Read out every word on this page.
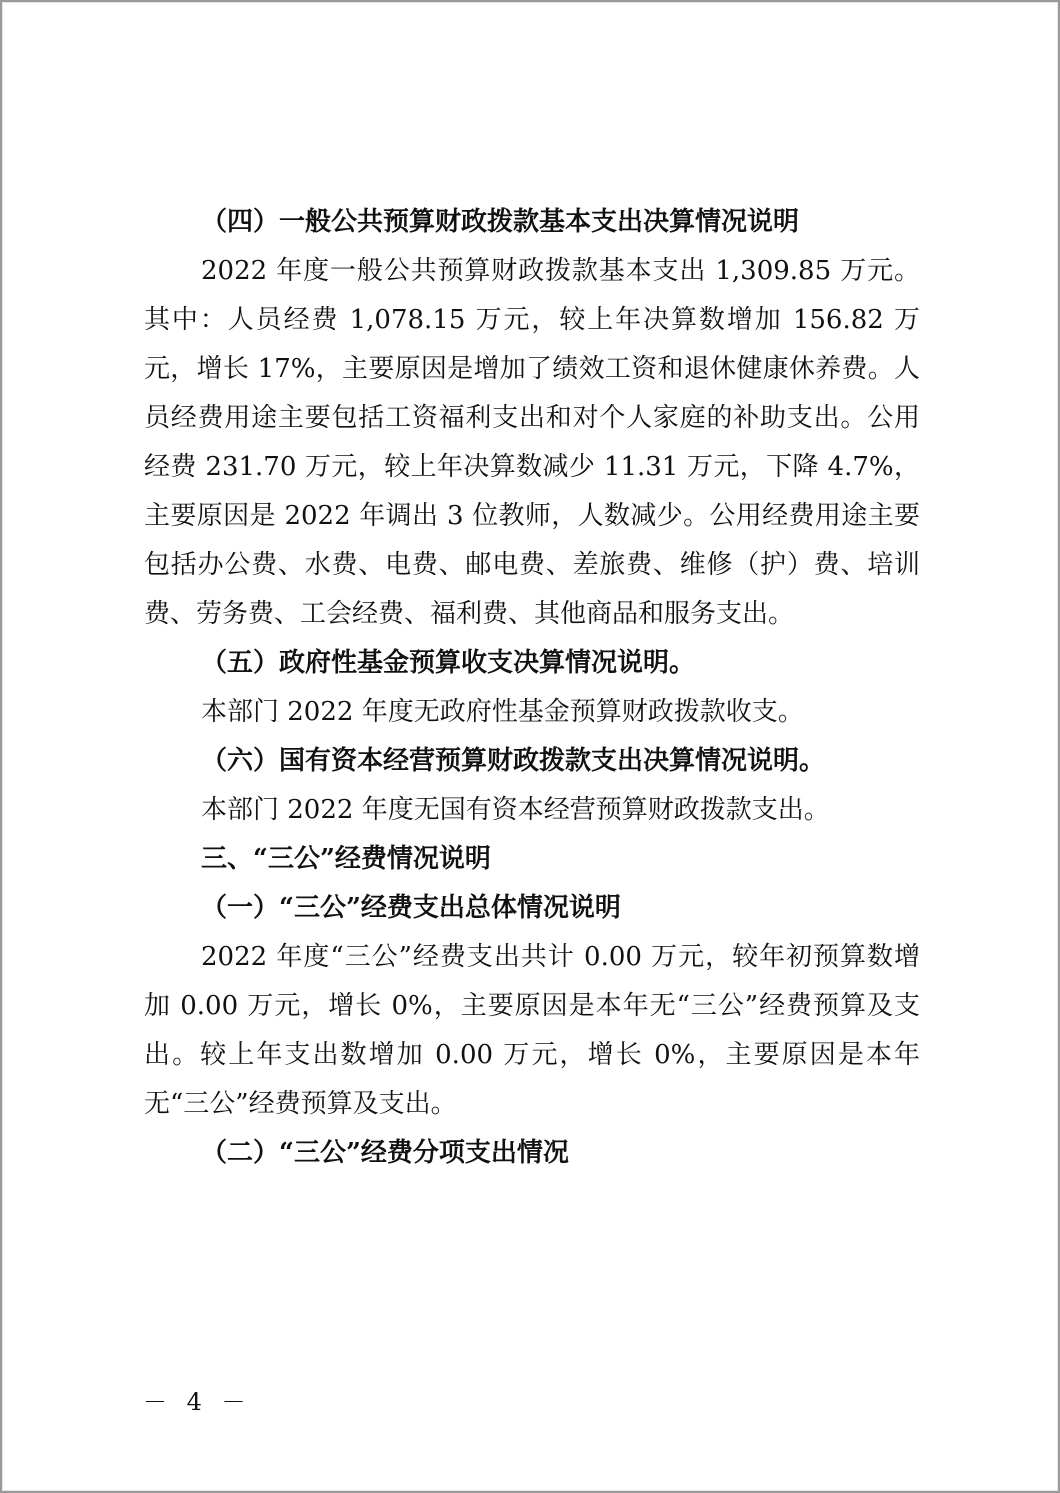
（四）一般公共预算财政拨款基本支出决算情况说明

2022 年度一般公共预算财政拨款基本支出 1,309.85 万元。其中：人员经费 1,078.15 万元，较上年决算数增加 156.82 万元，增长 17%，主要原因是增加了绩效工资和退休健康休养费。人员经费用途主要包括工资福利支出和对个人家庭的补助支出。公用经费 231.70 万元，较上年决算数减少 11.31 万元，下降 4.7%，主要原因是 2022 年调出 3 位教师，人数减少。公用经费用途主要包括办公费、水费、电费、邮电费、差旅费、维修（护）费、培训费、劳务费、工会经费、福利费、其他商品和服务支出。

（五）政府性基金预算收支决算情况说明。

本部门 2022 年度无政府性基金预算财政拨款收支。

（六）国有资本经营预算财政拨款支出决算情况说明。

本部门 2022 年度无国有资本经营预算财政拨款支出。

三、“三公”经费情况说明

（一）“三公”经费支出总体情况说明

2022 年度“三公”经费支出共计 0.00 万元，较年初预算数增加 0.00 万元，增长 0%，主要原因是本年无“三公”经费预算及支出。较上年支出数增加 0.00 万元，增长 0%，主要原因是本年无“三公”经费预算及支出。

（二）“三公”经费分项支出情况

－ 4 －
